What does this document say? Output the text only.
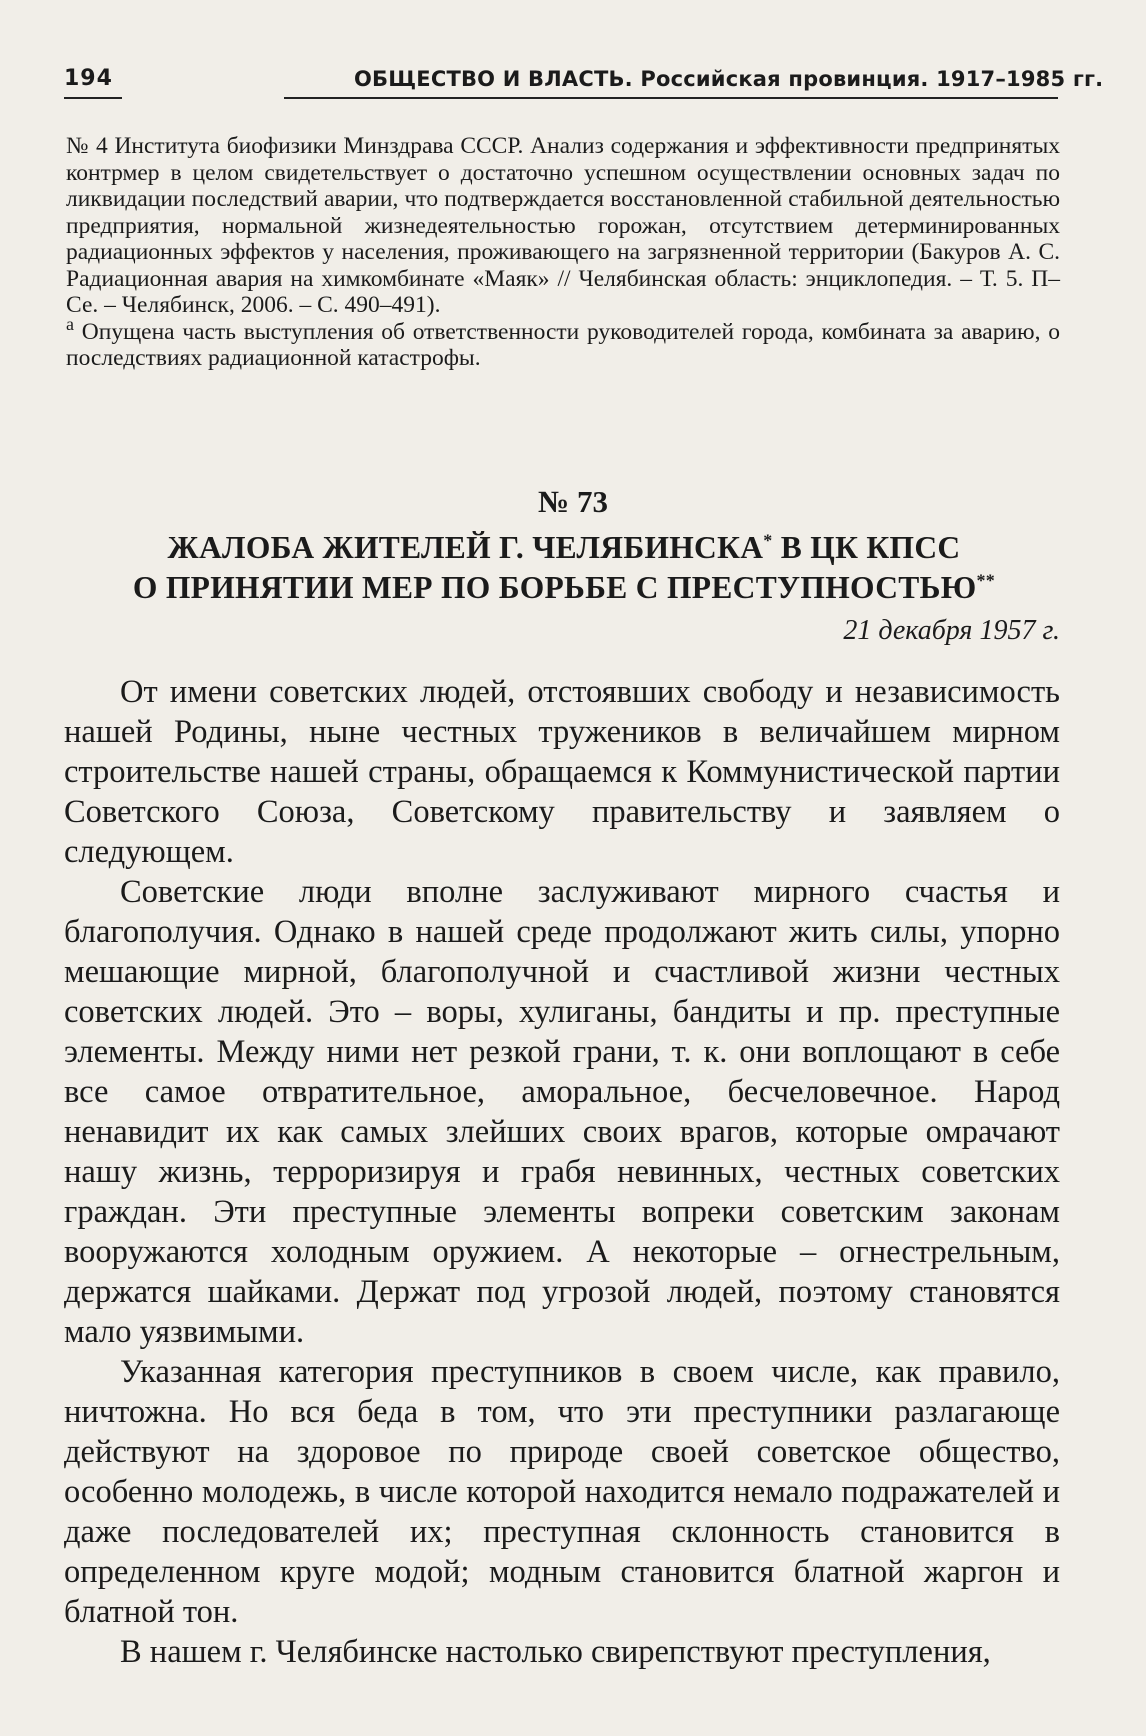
194	ОБЩЕСТВО И ВЛАСТЬ. Российская провинция. 1917–1985 гг.

№ 4 Института биофизики Минздрава СССР. Анализ содержания и эффективности предпринятых контрмер в целом свидетельствует о достаточно успешном осуществлении основных задач по ликвидации последствий аварии, что подтверждается восстановленной стабильной деятельностью предприятия, нормальной жизнедеятельностью горожан, отсутствием детерминированных радиационных эффектов у населения, проживающего на загрязненной территории (Бакуров А. С. Радиационная авария на химкомбинате «Маяк» // Челябинская область: энциклопедия. – Т. 5. П–Се. – Челябинск, 2006. – С. 490–491).

$^а$ Опущена часть выступления об ответственности руководителей города, комбината за аварию, о последствиях радиационной катастрофы.

№ 73
ЖАЛОБА ЖИТЕЛЕЙ Г. ЧЕЛЯБИНСКА* В ЦК КПСС
О ПРИНЯТИИ МЕР ПО БОРЬБЕ С ПРЕСТУПНОСТЬЮ**
21 декабря 1957 г.

От имени советских людей, отстоявших свободу и независимость нашей Родины, ныне честных тружеников в величайшем мирном строительстве нашей страны, обращаемся к Коммунистической партии Советского Союза, Советскому правительству и заявляем о следующем.

Советские люди вполне заслуживают мирного счастья и благополучия. Однако в нашей среде продолжают жить силы, упорно мешающие мирной, благополучной и счастливой жизни честных советских людей. Это – воры, хулиганы, бандиты и пр. преступные элементы. Между ними нет резкой грани, т. к. они воплощают в себе все самое отвратительное, аморальное, бесчеловечное. Народ ненавидит их как самых злейших своих врагов, которые омрачают нашу жизнь, терроризируя и грабя невинных, честных советских граждан. Эти преступные элементы вопреки советским законам вооружаются холодным оружием. А некоторые – огнестрельным, держатся шайками. Держат под угрозой людей, поэтому становятся мало уязвимыми.

Указанная категория преступников в своем числе, как правило, ничтожна. Но вся беда в том, что эти преступники разлагающе действуют на здоровое по природе своей советское общество, особенно молодежь, в числе которой находится немало подражателей и даже последователей их; преступная склонность становится в определенном круге модой; модным становится блатной жаргон и блатной тон.

В нашем г. Челябинске настолько свирепствуют преступления,
